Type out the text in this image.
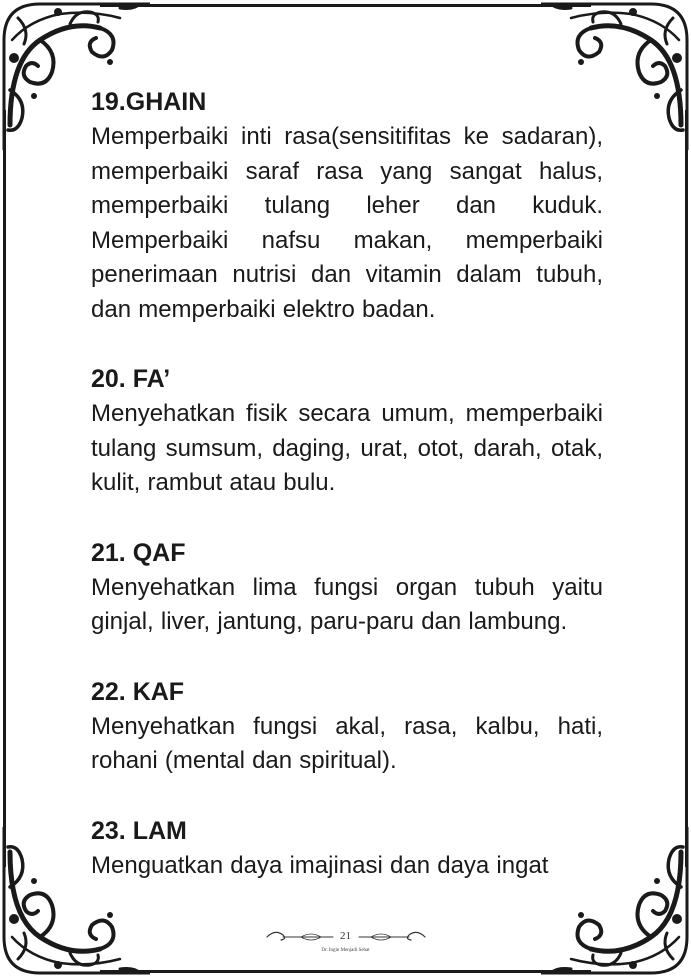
19.GHAIN

Memperbaiki inti rasa(sensitifitas ke sadaran), memperbaiki saraf rasa yang sangat halus, memperbaiki tulang leher dan kuduk. Memperbaiki nafsu makan, memperbaiki penerimaan nutrisi dan vitamin dalam tubuh, dan memperbaiki elektro badan.

20. FA’

Menyehatkan fisik secara umum, memperbaiki tulang sumsum, daging, urat, otot, darah, otak, kulit, rambut atau bulu.

21. QAF

Menyehatkan lima fungsi organ tubuh yaitu ginjal, liver, jantung, paru-paru dan lambung.

22. KAF

Menyehatkan fungsi akal, rasa, kalbu, hati, rohani (mental dan spiritual).

23. LAM

Menguatkan daya imajinasi dan daya ingat

21
Dr. Ingin Menjadi Sehat
